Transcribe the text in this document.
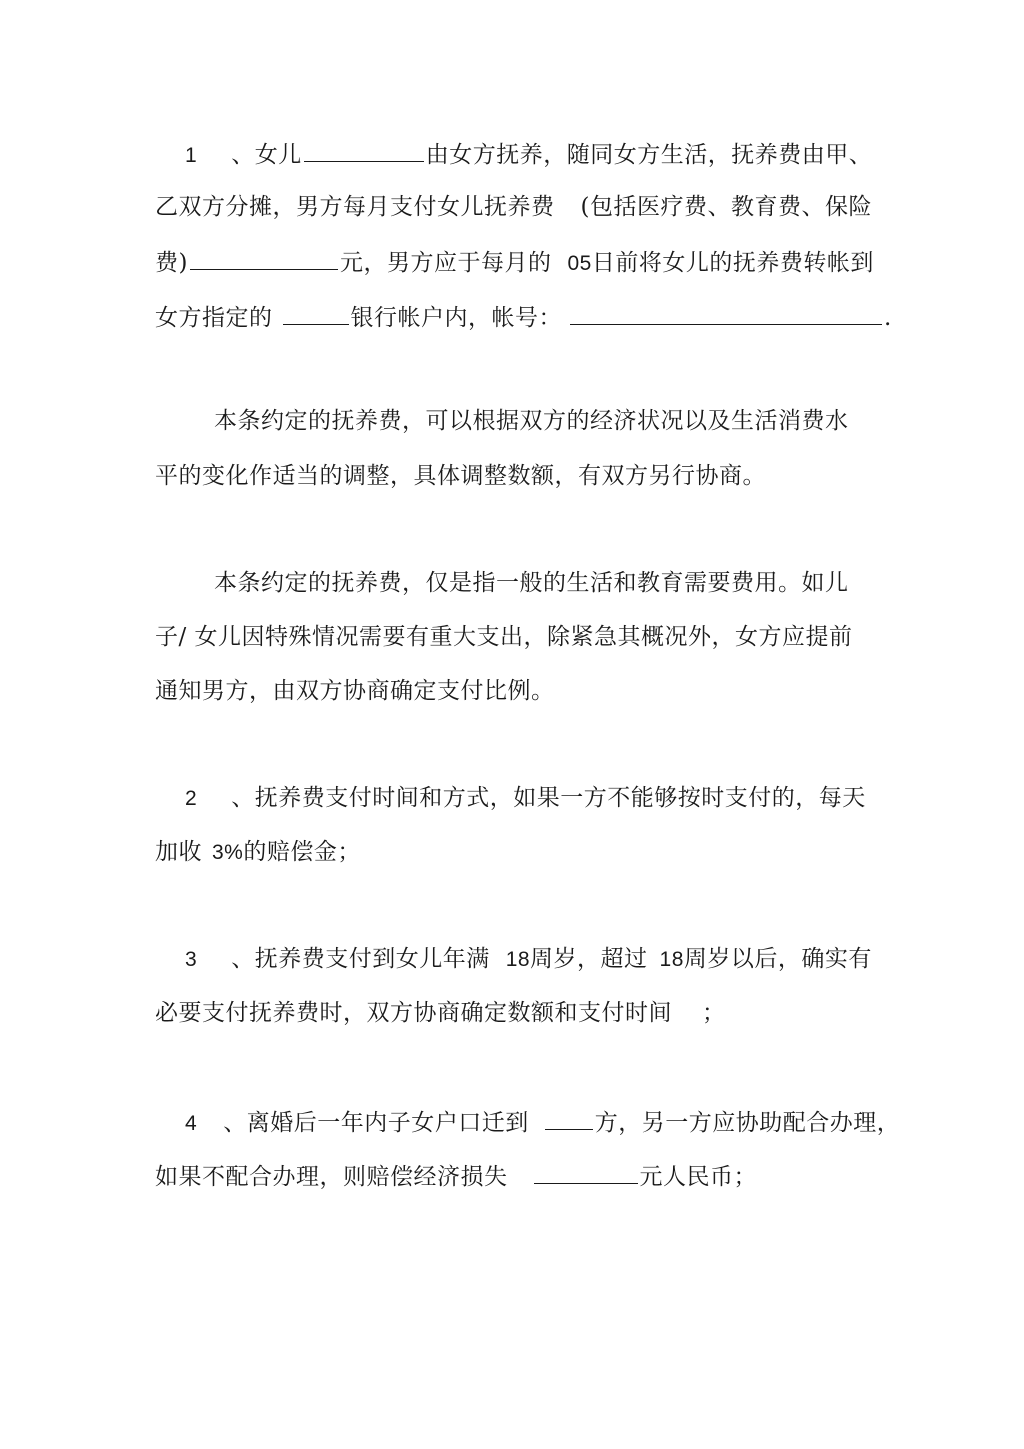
1 、女儿	由女方抚养，随同女方生活，抚养费由甲、
乙双方分摊，男方每月支付女儿抚养费 (包括医疗费、教育费、保险
费)	元，男方应于每月的 05日前将女儿的抚养费转帐到
女方指定的	银行帐户内，帐号：	.
本条约定的抚养费，可以根据双方的经济状况以及生活消费水
平的变化作适当的调整，具体调整数额，有双方另行协商。
本条约定的抚养费，仅是指一般的生活和教育需要费用。如儿
子/ 女儿因特殊情况需要有重大支出，除紧急其概况外，女方应提前
通知男方，由双方协商确定支付比例。
2 、抚养费支付时间和方式，如果一方不能够按时支付的，每天
加收 3%的赔偿金；
3 、抚养费支付到女儿年满 18周岁，超过 18周岁以后，确实有
必要支付抚养费时，双方协商确定数额和支付时间 ；
4 、离婚后一年内子女户口迁到	方，另一方应协助配合办理，
如果不配合办理，则赔偿经济损失	元人民币；
